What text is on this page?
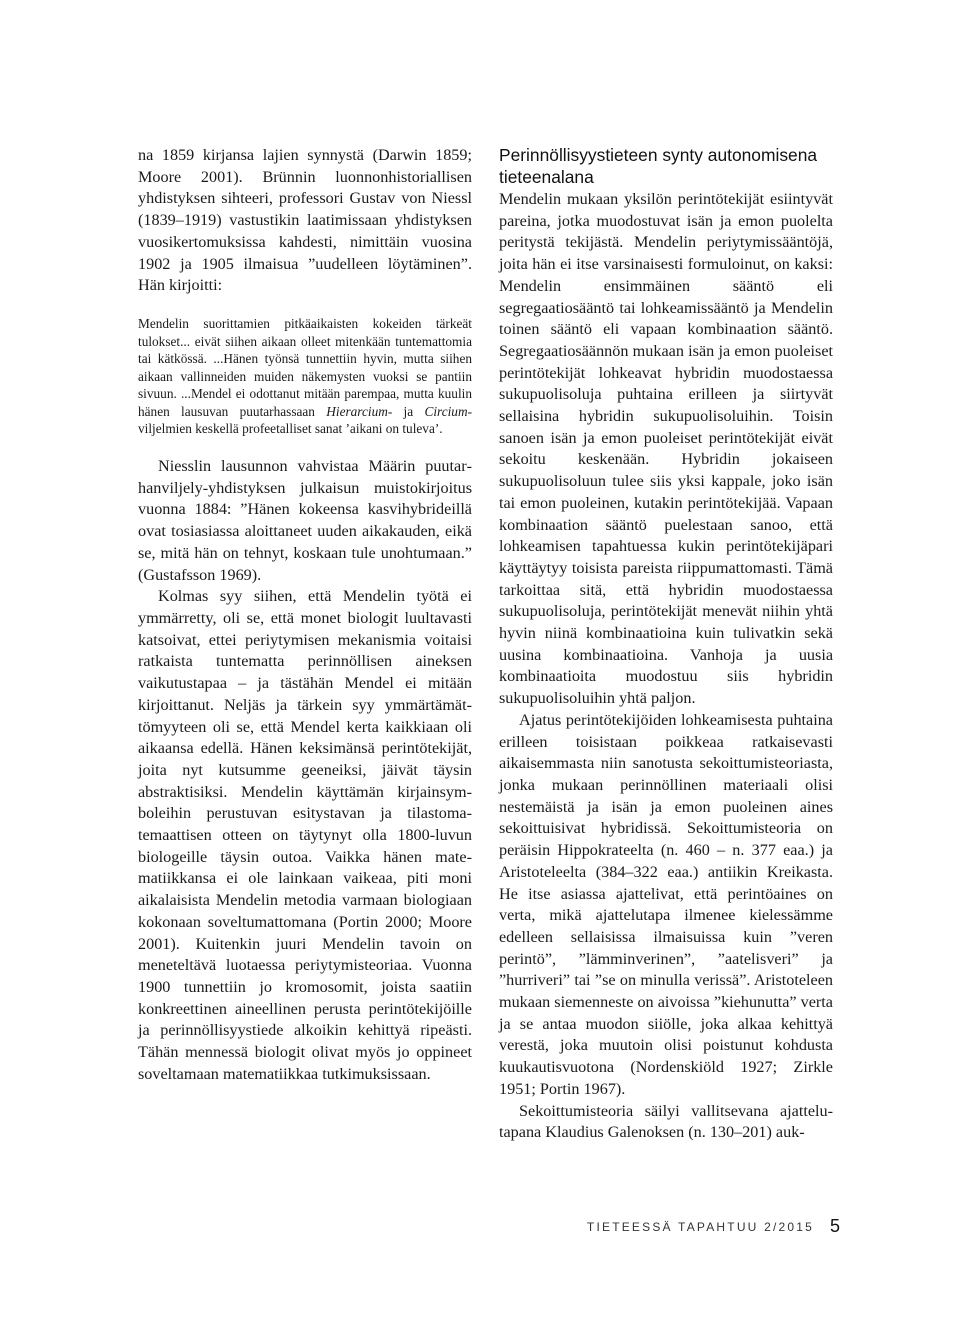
na 1859 kirjansa lajien synnystä (Darwin 1859; Moore 2001). Brünnin luonnonhistoriallisen yhdistyksen sihteeri, professori Gustav von Niessl (1839–1919) vastustikin laatimissaan yhdistyksen vuosikertomuksissa kahdesti, nimittäin vuosina 1902 ja 1905 ilmaisua ”uudelleen löytäminen”. Hän kirjoitti:

Mendelin suorittamien pitkäaikaisten kokeiden tärkeät tulokset... eivät siihen aikaan olleet mitenkään tuntemattomia tai kätkössä. ...Hänen työnsä tunnettiin hyvin, mutta siihen aikaan vallinneiden muiden näkemysten vuoksi se pantiin sivuun. ...Mendel ei odottanut mitään parempaa, mutta kuulin hänen lausuvan puutarhassaan Hierarcium- ja Circium-viljelmien keskellä profeetalliset sanat ’aikani on tuleva’.

Niesslin lausunnon vahvistaa Määrin puutarhanviljely-yhdistyksen julkaisun muistokirjoitus vuonna 1884: ”Hänen kokeensa kasvihybrideillä ovat tosiasiassa aloittaneet uuden aikakauden, eikä se, mitä hän on tehnyt, koskaan tule unohtumaan.” (Gustafsson 1969).

Kolmas syy siihen, että Mendelin työtä ei ymmärretty, oli se, että monet biologit luultavasti katsoivat, ettei periytymisen mekanismia voitaisi ratkaista tuntematta perinnöllisen aineksen vaikutustapaa – ja tästähän Mendel ei mitään kirjoittanut. Neljäs ja tärkein syy ymmärtämättömyyteen oli se, että Mendel kerta kaikkiaan oli aikaansa edellä. Hänen keksimänsä perintötekijät, joita nyt kutsumme geeneiksi, jäivät täysin abstraktisiksi. Mendelin käyttämän kirjainsymboleihin perustuvan esitystavan ja tilastomatemaattisen otteen on täytynyt olla 1800-luvun biologeille täysin outoa. Vaikka hänen matematiikkansa ei ole lainkaan vaikeaa, piti moni aikalaisista Mendelin metodia varmaan biologiaan kokonaan soveltumattomana (Portin 2000; Moore 2001). Kuitenkin juuri Mendelin tavoin on meneteltävä luotaessa periytymisteoriaa. Vuonna 1900 tunnettiin jo kromosomit, joista saatiin konkreettinen aineellinen perusta perintötekijöille ja perinnöllisyystiede alkoikin kehittyä ripeästi. Tähän mennessä biologit olivat myös jo oppineet soveltamaan matematiikkaa tutkimuksissaan.

Perinnöllisyystieteen synty autonomisena tieteenalana

Mendelin mukaan yksilön perintötekijät esiintyvät pareina, jotka muodostuvat isän ja emon puolelta peritystä tekijästä. Mendelin periytymissääntöjä, joita hän ei itse varsinaisesti formuloinut, on kaksi: Mendelin ensimmäinen sääntö eli segregaatiosääntö tai lohkeamissääntö ja Mendelin toinen sääntö eli vapaan kombinaation sääntö. Segregaatiosäännön mukaan isän ja emon puoleiset perintötekijät lohkeavat hybridin muodostaessa sukupuolisoluja puhtaina erilleen ja siirtyvät sellaisina hybridin sukupuolisoluihin. Toisin sanoen isän ja emon puoleiset perintötekijät eivät sekoitu keskenään. Hybridin jokaiseen sukupuolisoluun tulee siis yksi kappale, joko isän tai emon puoleinen, kutakin perintötekijää. Vapaan kombinaation sääntö puelestaan sanoo, että lohkeamisen tapahtuessa kukin perintötekijäpari käyttäytyy toisista pareista riippumattomasti. Tämä tarkoittaa sitä, että hybridin muodostaessa sukupuolisoluja, perintötekijät menevät niihin yhtä hyvin niinä kombinaatioina kuin tulivatkin sekä uusina kombinaatioina. Vanhoja ja uusia kombinaatioita muodostuu siis hybridin sukupuolisoluihin yhtä paljon.

Ajatus perintötekijöiden lohkeamisesta puhtaina erilleen toisistaan poikkeaa ratkaisevasti aikaisemmasta niin sanotusta sekoittumisteoriasta, jonka mukaan perinnöllinen materiaali olisi nestemäistä ja isän ja emon puoleinen aines sekoittuisivat hybridissä. Sekoittumisteoria on peräisin Hippokrateelta (n. 460 – n. 377 eaa.) ja Aristoteleelta (384–322 eaa.) antiikin Kreikasta. He itse asiassa ajattelivat, että perintöaines on verta, mikä ajattelutapa ilmenee kielessämme edelleen sellaisissa ilmaisuissa kuin ”veren perintö”, ”lämminverinen”, ”aatelisveri” ja ”hurriveri” tai ”se on minulla verissä”. Aristoteleen mukaan siemenneste on aivoissa ”kiehunutta” verta ja se antaa muodon siiölle, joka alkaa kehittyä verestä, joka muutoin olisi poistunut kohdusta kuukautisvuotona (Nordenskiöld 1927; Zirkle 1951; Portin 1967).

Sekoittumisteoria säilyi vallitsevana ajattelutapana Klaudius Galenoksen (n. 130–201) auk-

TIETEESSÄ TAPAHTUU 2/2015 5
